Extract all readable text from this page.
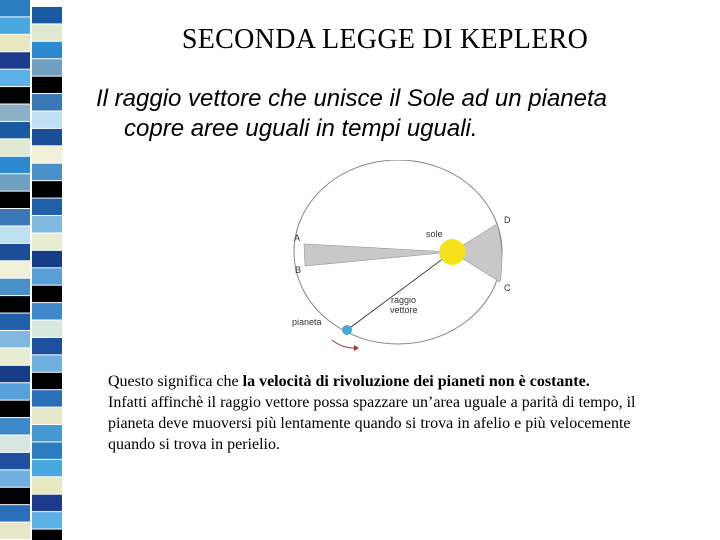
SECONDA LEGGE DI KEPLERO
Il raggio vettore che unisce il Sole ad un pianeta
copre aree uguali in tempi uguali.
sole
A
B
C
D
raggio
vettore
pianeta
Questo significa che la velocità di rivoluzione dei pianeti non è costante.
Infatti affinchè il raggio vettore possa spazzare un’area uguale a parità di tempo, il pianeta deve muoversi più lentamente quando si trova in afelio e più velocemente quando si trova in perielio.
